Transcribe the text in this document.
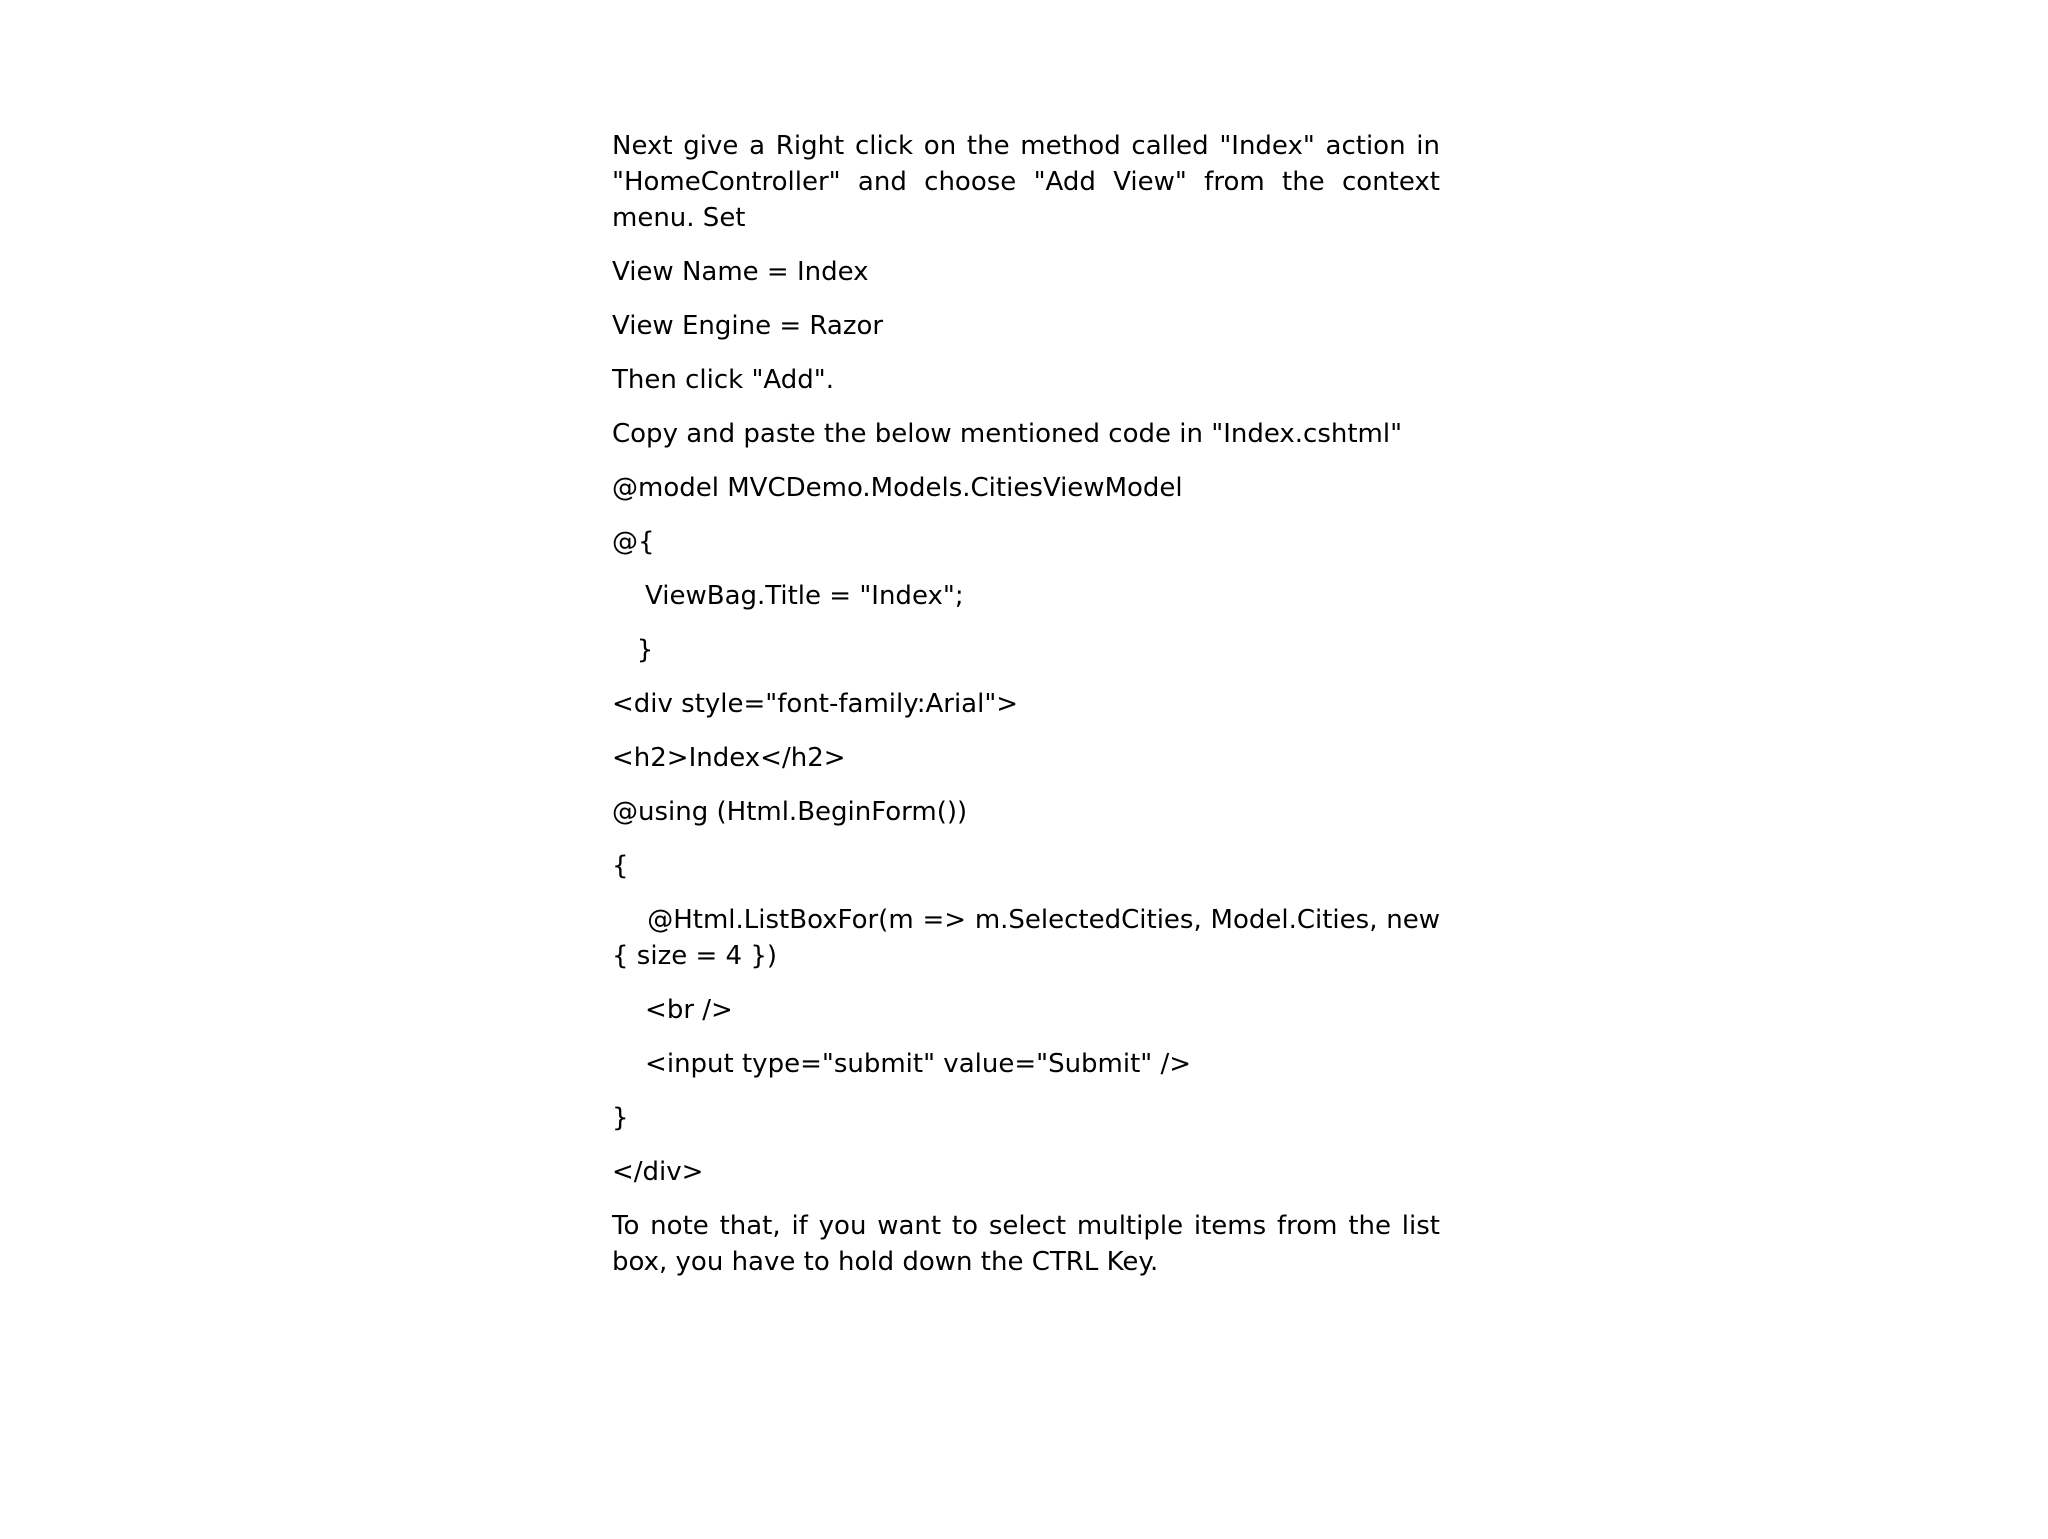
Next give a Right click on the method called "Index" action in "HomeController" and choose "Add View" from the context menu. Set

View Name = Index

View Engine = Razor

Then click "Add".

Copy and paste the below mentioned code in "Index.cshtml"

@model MVCDemo.Models.CitiesViewModel

@{

ViewBag.Title = "Index";

}

<div style="font-family:Arial">

<h2>Index</h2>

@using (Html.BeginForm())

{

@Html.ListBoxFor(m => m.SelectedCities, Model.Cities, new { size = 4 })

<br />

<input type="submit" value="Submit" />

}

</div>

To note that, if you want to select multiple items from the list box, you have to hold down the CTRL Key.
